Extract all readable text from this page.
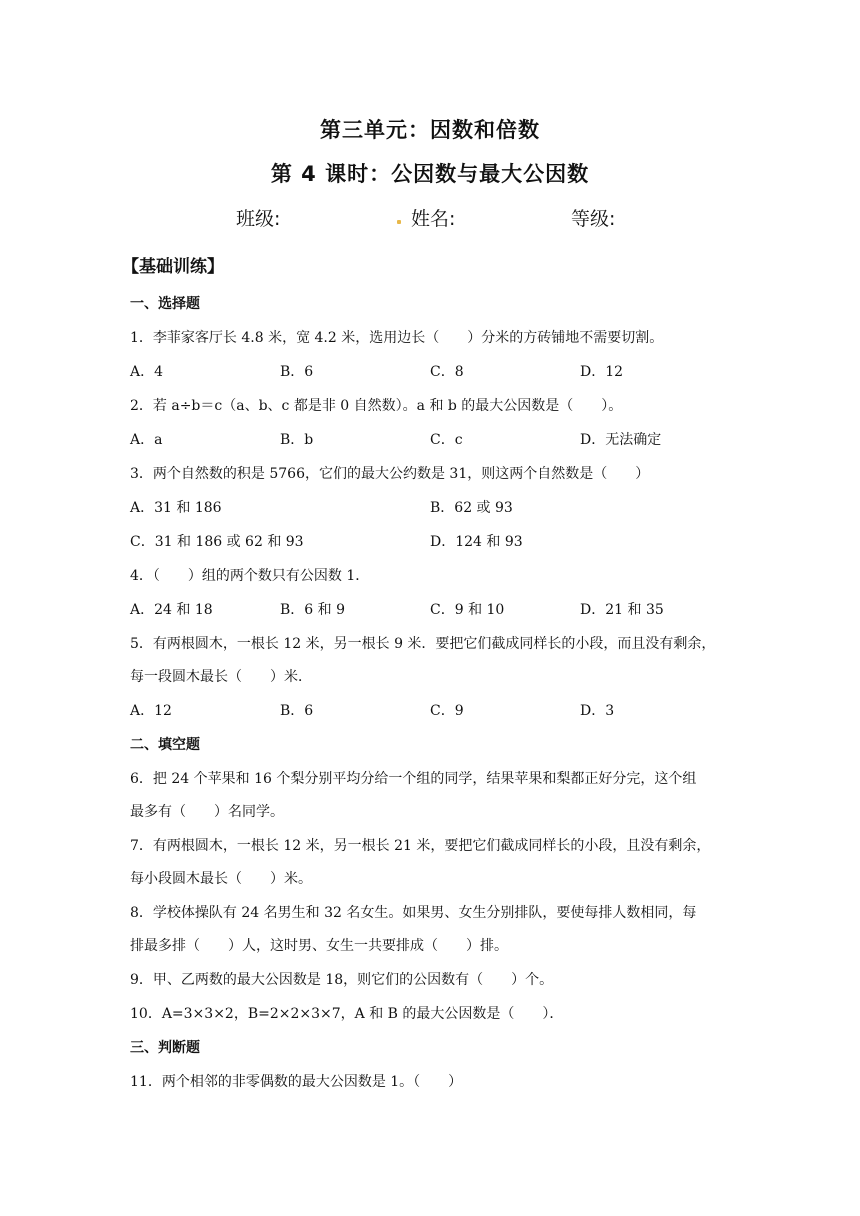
第三单元：因数和倍数
第 4 课时：公因数与最大公因数
班级:	姓名:	等级:
【基础训练】
一、选择题
1．李菲家客厅长 4.8 米，宽 4.2 米，选用边长（　　）分米的方砖铺地不需要切割。
A．4	B．6	C．8	D．12
2．若 a÷b＝c（a、b、c 都是非 0 自然数）。a 和 b 的最大公因数是（　　）。
A．a	B．b	C．c	D．无法确定
3．两个自然数的积是 5766，它们的最大公约数是 31，则这两个自然数是（　　）
A．31 和 186	B．62 或 93
C．31 和 186 或 62 和 93	D．124 和 93
4．（　　）组的两个数只有公因数 1．
A．24 和 18	B．6 和 9	C．9 和 10	D．21 和 35
5．有两根圆木，一根长 12 米，另一根长 9 米．要把它们截成同样长的小段，而且没有剩余，
每一段圆木最长（　　）米．
A．12	B．6	C．9	D．3
二、填空题
6．把 24 个苹果和 16 个梨分别平均分给一个组的同学，结果苹果和梨都正好分完，这个组
最多有（　　）名同学。
7．有两根圆木，一根长 12 米，另一根长 21 米，要把它们截成同样长的小段，且没有剩余，
每小段圆木最长（　　）米。
8．学校体操队有 24 名男生和 32 名女生。如果男、女生分别排队，要使每排人数相同，每
排最多排（　　）人，这时男、女生一共要排成（　　）排。
9．甲、乙两数的最大公因数是 18，则它们的公因数有（　　）个。
10．A=3×3×2，B=2×2×3×7，A 和 B 的最大公因数是（　　）．
三、判断题
11．两个相邻的非零偶数的最大公因数是 1。（　　）
